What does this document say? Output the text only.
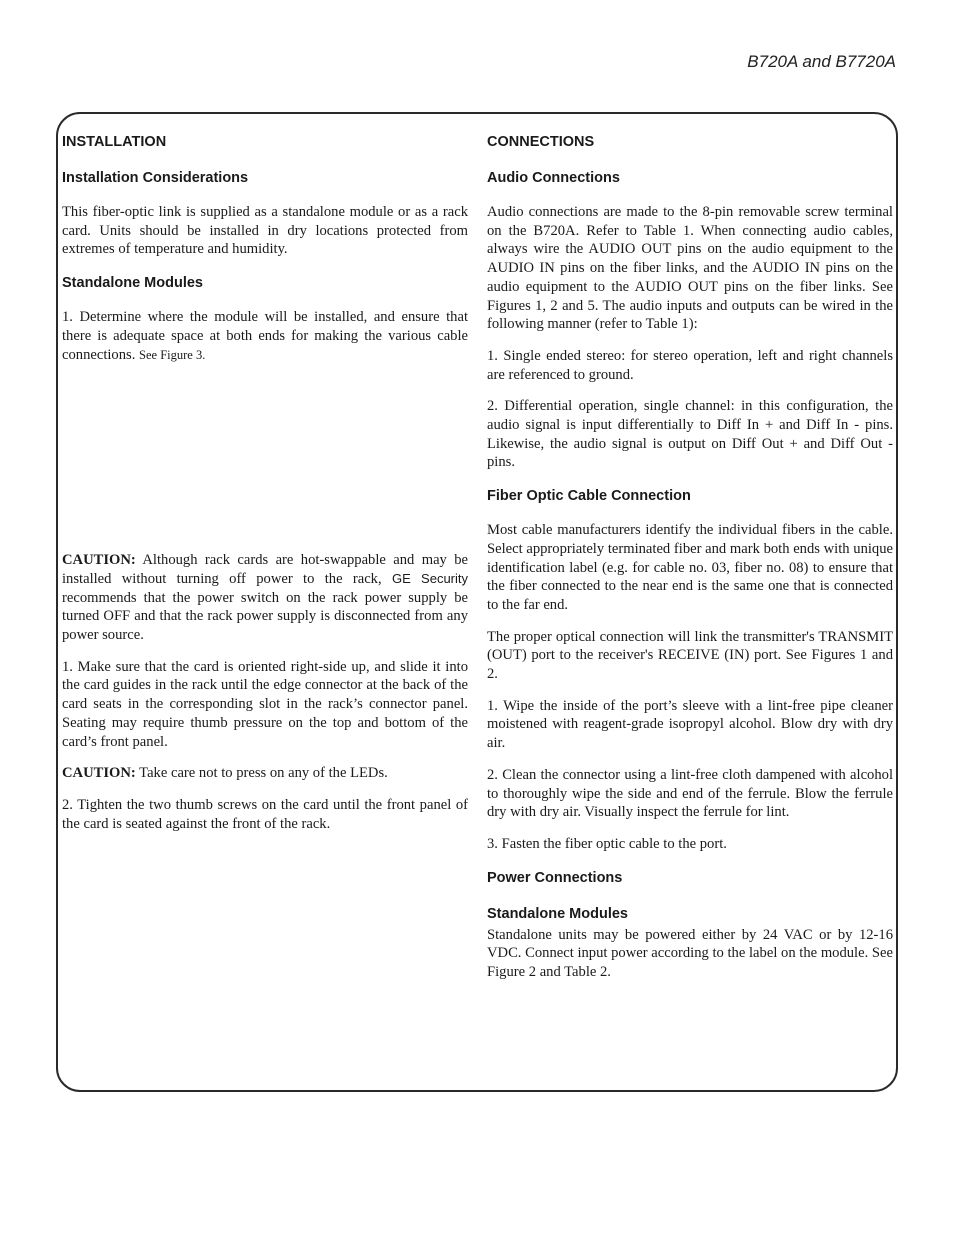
B720A and B7720A
INSTALLATION
Installation Considerations

This fiber-optic link is supplied as a standalone module or as a rack card. Units should be installed in dry locations protected from extremes of temperature and humidity.

Standalone Modules

1. Determine where the module will be installed, and ensure that there is adequate space at both ends for making the various cable connections. See Figure 3.

CAUTION: Although rack cards are hot-swappable and may be installed without turning off power to the rack, GE Security recommends that the power switch on the rack power supply be turned OFF and that the rack power supply is disconnected from any power source.

1. Make sure that the card is oriented right-side up, and slide it into the card guides in the rack until the edge connector at the back of the card seats in the corresponding slot in the rack’s connector panel. Seating may require thumb pressure on the top and bottom of the card’s front panel.

CAUTION: Take care not to press on any of the LEDs.

2. Tighten the two thumb screws on the card until the front panel of the card is seated against the front of the rack.

CONNECTIONS
Audio Connections

Audio connections are made to the 8-pin removable screw terminal on the B720A. Refer to Table 1. When connecting audio cables, always wire the AUDIO OUT pins on the audio equipment to the AUDIO IN pins on the fiber links, and the AUDIO IN pins on the audio equipment to the AUDIO OUT pins on the fiber links. See Figures 1, 2 and 5. The audio inputs and outputs can be wired in the following manner (refer to Table 1):

1. Single ended stereo: for stereo operation, left and right channels are referenced to ground.

2. Differential operation, single channel: in this configuration, the audio signal is input differentially to Diff In + and Diff In - pins. Likewise, the audio signal is output on Diff Out + and Diff Out - pins.

Fiber Optic Cable Connection

Most cable manufacturers identify the individual fibers in the cable. Select appropriately terminated fiber and mark both ends with unique identification label (e.g. for cable no. 03, fiber no. 08) to ensure that the fiber connected to the near end is the same one that is connected to the far end.

The proper optical connection will link the transmitter's TRANSMIT (OUT) port to the receiver's RECEIVE (IN) port. See Figures 1 and 2.

1. Wipe the inside of the port’s sleeve with a lint-free pipe cleaner moistened with reagent-grade isopropyl alcohol. Blow dry with dry air.

2. Clean the connector using a lint-free cloth dampened with alcohol to thoroughly wipe the side and end of the ferrule. Blow the ferrule dry with dry air. Visually inspect the ferrule for lint.

3. Fasten the fiber optic cable to the port.

Power Connections
Standalone Modules

Standalone units may be powered either by 24 VAC or by 12-16 VDC. Connect input power according to the label on the module. See Figure 2 and Table 2.
